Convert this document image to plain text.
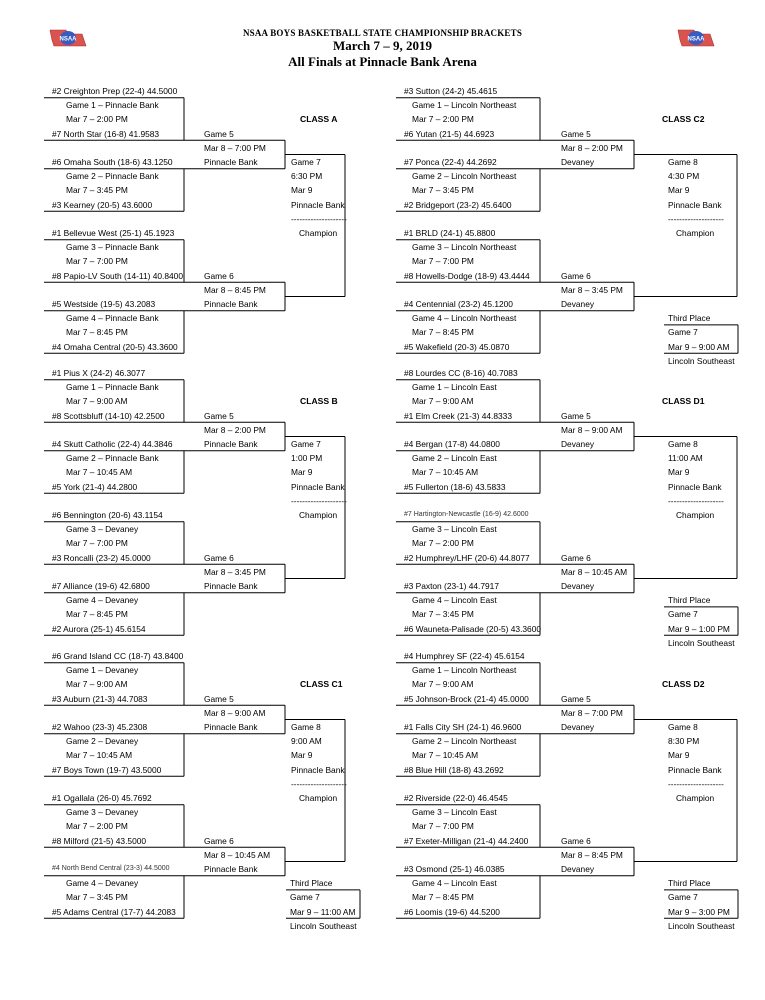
NSAA	NSAA
NSAA BOYS BASKETBALL STATE CHAMPIONSHIP BRACKETS
March 7 – 9, 2019
All Finals at Pinnacle Bank Arena
#2 Creighton Prep (22-4) 44.5000
Game 1 – Pinnacle Bank
Mar 7 – 2:00 PM
#7 North Star (16-8) 41.9583
#6 Omaha South (18-6) 43.1250
Game 2 – Pinnacle Bank
Mar 7 – 3:45 PM
#3 Kearney (20-5) 43.6000
#1 Bellevue West (25-1) 45.1923
Game 3 – Pinnacle Bank
Mar 7 – 7:00 PM
#8 Papio-LV South (14-11) 40.8400
#5 Westside (19-5) 43.2083
Game 4 – Pinnacle Bank
Mar 7 – 8:45 PM
#4 Omaha Central (20-5) 43.3600
Game 5
Mar 8 – 7:00 PM
Pinnacle Bank
Game 6
Mar 8 – 8:45 PM
Pinnacle Bank
CLASS A
Game 7
6:30 PM
Mar 9
Pinnacle Bank
--------------------
Champion
#1 Pius X (24-2) 46.3077
Game 1 – Pinnacle Bank
Mar 7 – 9:00 AM
#8 Scottsbluff (14-10) 42.2500
#4 Skutt Catholic (22-4) 44.3846
Game 2 – Pinnacle Bank
Mar 7 – 10:45 AM
#5 York (21-4) 44.2800
#6 Bennington (20-6) 43.1154
Game 3 – Devaney
Mar 7 – 7:00 PM
#3 Roncalli (23-2) 45.0000
#7 Alliance (19-6) 42.6800
Game 4 – Devaney
Mar 7 – 8:45 PM
#2 Aurora (25-1) 45.6154
Game 5
Mar 8 – 2:00 PM
Pinnacle Bank
Game 6
Mar 8 – 3:45 PM
Pinnacle Bank
CLASS B
Game 7
1:00 PM
Mar 9
Pinnacle Bank
--------------------
Champion
#6 Grand Island CC (18-7) 43.8400
Game 1 – Devaney
Mar 7 – 9:00 AM
#3 Auburn (21-3) 44.7083
#2 Wahoo (23-3) 45.2308
Game 2 – Devaney
Mar 7 – 10:45 AM
#7 Boys Town (19-7) 43.5000
#1 Ogallala (26-0) 45.7692
Game 3 – Devaney
Mar 7 – 2:00 PM
#8 Milford (21-5) 43.5000
#4 North Bend Central (23-3) 44.5000
Game 4 – Devaney
Mar 7 – 3:45 PM
#5 Adams Central (17-7) 44.2083
Game 5
Mar 8 – 9:00 AM
Pinnacle Bank
Game 6
Mar 8 – 10:45 AM
Pinnacle Bank
CLASS C1
Game 8
9:00 AM
Mar 9
Pinnacle Bank
--------------------
Champion
Third Place
Game 7
Mar 9 – 11:00 AM
Lincoln Southeast
#3 Sutton (24-2) 45.4615
Game 1 – Lincoln Northeast
Mar 7 – 2:00 PM
#6 Yutan (21-5) 44.6923
#7 Ponca (22-4) 44.2692
Game 2 – Lincoln Northeast
Mar 7 – 3:45 PM
#2 Bridgeport (23-2) 45.6400
#1 BRLD (24-1) 45.8800
Game 3 – Lincoln Northeast
Mar 7 – 7:00 PM
#8 Howells-Dodge (18-9) 43.4444
#4 Centennial (23-2) 45.1200
Game 4 – Lincoln Northeast
Mar 7 – 8:45 PM
#5 Wakefield (20-3) 45.0870
Game 5
Mar 8 – 2:00 PM
Devaney
Game 6
Mar 8 – 3:45 PM
Devaney
CLASS C2
Game 8
4:30 PM
Mar 9
Pinnacle Bank
--------------------
Champion
Third Place
Game 7
Mar 9 – 9:00 AM
Lincoln Southeast
#8 Lourdes CC (8-16) 40.7083
Game 1 – Lincoln East
Mar 7 – 9:00 AM
#1 Elm Creek (21-3) 44.8333
#4 Bergan (17-8) 44.0800
Game 2 – Lincoln East
Mar 7 – 10:45 AM
#5 Fullerton (18-6) 43.5833
#7 Hartington-Newcastle (16-9) 42.6000
Game 3 – Lincoln East
Mar 7 – 2:00 PM
#2 Humphrey/LHF (20-6) 44.8077
#3 Paxton (23-1) 44.7917
Game 4 – Lincoln East
Mar 7 – 3:45 PM
#6 Wauneta-Palisade (20-5) 43.3600
Game 5
Mar 8 – 9:00 AM
Devaney
Game 6
Mar 8 – 10:45 AM
Devaney
CLASS D1
Game 8
11:00 AM
Mar 9
Pinnacle Bank
--------------------
Champion
Third Place
Game 7
Mar 9 – 1:00 PM
Lincoln Southeast
#4 Humphrey SF (22-4) 45.6154
Game 1 – Lincoln Northeast
Mar 7 – 9:00 AM
#5 Johnson-Brock (21-4) 45.0000
#1 Falls City SH (24-1) 46.9600
Game 2 – Lincoln Northeast
Mar 7 – 10:45 AM
#8 Blue Hill (18-8) 43.2692
#2 Riverside (22-0) 46.4545
Game 3 – Lincoln East
Mar 7 – 7:00 PM
#7 Exeter-Milligan (21-4) 44.2400
#3 Osmond (25-1) 46.0385
Game 4 – Lincoln East
Mar 7 – 8:45 PM
#6 Loomis (19-6) 44.5200
Game 5
Mar 8 – 7:00 PM
Devaney
Game 6
Mar 8 – 8:45 PM
Devaney
CLASS D2
Game 8
8:30 PM
Mar 9
Pinnacle Bank
--------------------
Champion
Third Place
Game 7
Mar 9 – 3:00 PM
Lincoln Southeast
